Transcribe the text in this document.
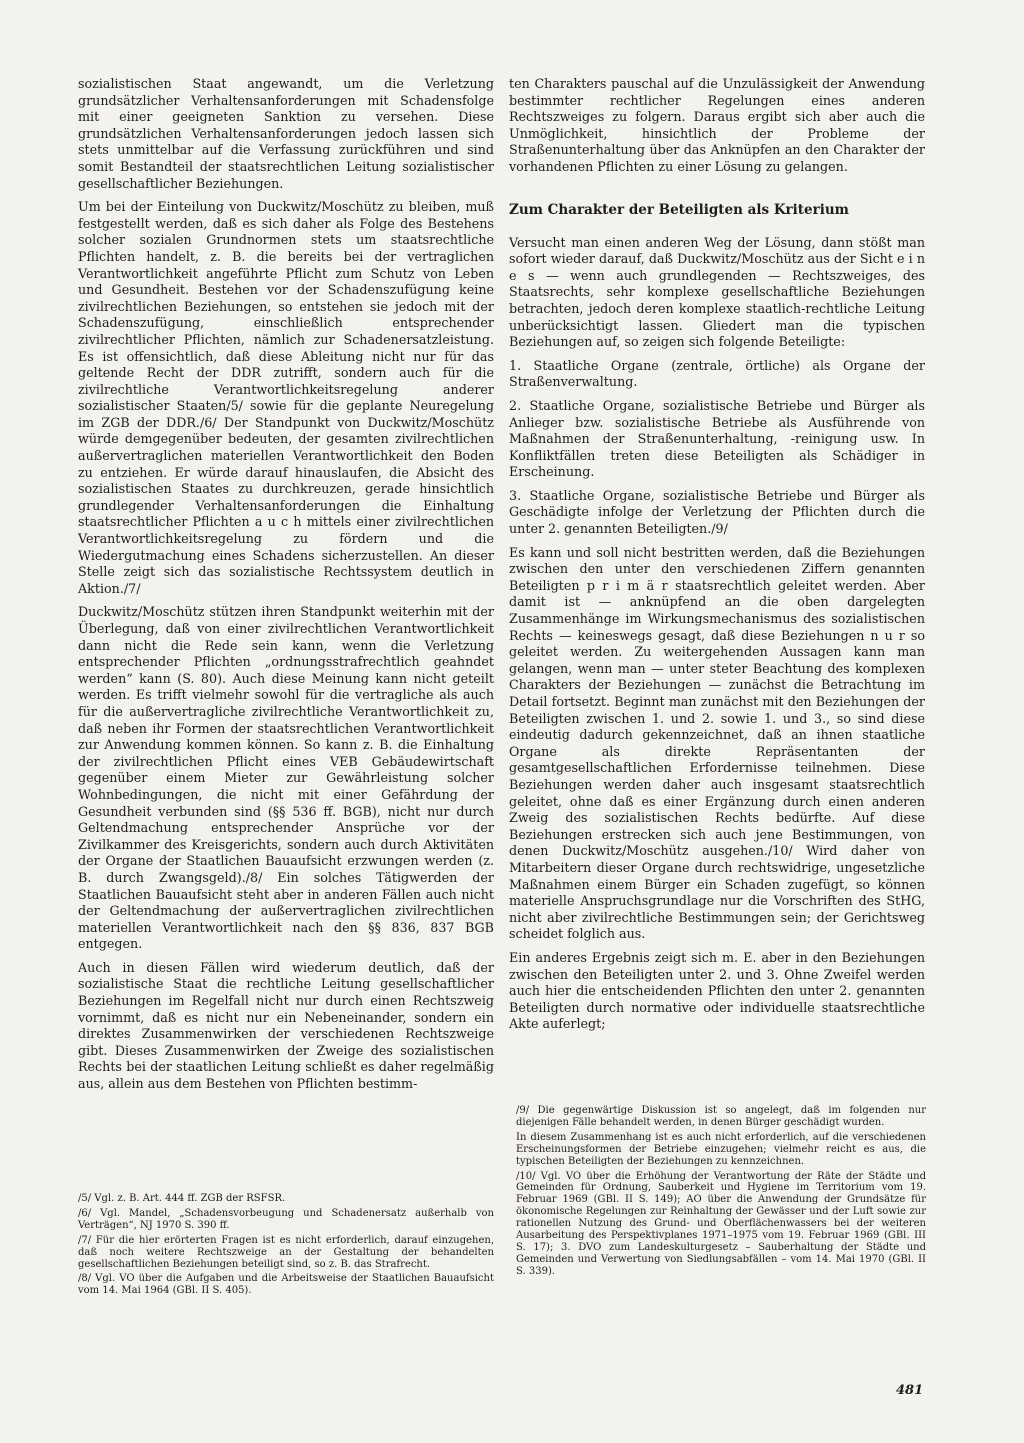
sozialistischen Staat angewandt, um die Verletzung grundsätzlicher Verhaltensanforderungen mit Schadensfolge mit einer geeigneten Sanktion zu versehen. Diese grundsätzlichen Verhaltensanforderungen jedoch lassen sich stets unmittelbar auf die Verfassung zurückführen und sind somit Bestandteil der staatsrechtlichen Leitung sozialistischer gesellschaftlicher Beziehungen.

Um bei der Einteilung von Duckwitz/Moschütz zu bleiben, muß festgestellt werden, daß es sich daher als Folge des Bestehens solcher sozialen Grundnormen stets um staatsrechtliche Pflichten handelt, z. B. die bereits bei der vertraglichen Verantwortlichkeit angeführte Pflicht zum Schutz von Leben und Gesundheit. Bestehen vor der Schadenszufügung keine zivilrechtlichen Beziehungen, so entstehen sie jedoch mit der Schadenszufügung, einschließlich entsprechender zivilrechtlicher Pflichten, nämlich zur Schadenersatzleistung. Es ist offensichtlich, daß diese Ableitung nicht nur für das geltende Recht der DDR zutrifft, sondern auch für die zivilrechtliche Verantwortlichkeitsregelung anderer sozialistischer Staaten/5/ sowie für die geplante Neuregelung im ZGB der DDR./6/ Der Standpunkt von Duckwitz/Moschütz würde demgegenüber bedeuten, der gesamten zivilrechtlichen außervertraglichen materiellen Verantwortlichkeit den Boden zu entziehen. Er würde darauf hinauslaufen, die Absicht des sozialistischen Staates zu durchkreuzen, gerade hinsichtlich grundlegender Verhaltensanforderungen die Einhaltung staatsrechtlicher Pflichten a u c h mittels einer zivilrechtlichen Verantwortlichkeitsregelung zu fördern und die Wiedergutmachung eines Schadens sicherzustellen. An dieser Stelle zeigt sich das sozialistische Rechtssystem deutlich in Aktion./7/

Duckwitz/Moschütz stützen ihren Standpunkt weiterhin mit der Überlegung, daß von einer zivilrechtlichen Verantwortlichkeit dann nicht die Rede sein kann, wenn die Verletzung entsprechender Pflichten „ordnungsstrafrechtlich geahndet werden“ kann (S. 80). Auch diese Meinung kann nicht geteilt werden. Es trifft vielmehr sowohl für die vertragliche als auch für die außervertragliche zivilrechtliche Verantwortlichkeit zu, daß neben ihr Formen der staatsrechtlichen Verantwortlichkeit zur Anwendung kommen können. So kann z. B. die Einhaltung der zivilrechtlichen Pflicht eines VEB Gebäudewirtschaft gegenüber einem Mieter zur Gewährleistung solcher Wohnbedingungen, die nicht mit einer Gefährdung der Gesundheit verbunden sind (§§ 536 ff. BGB), nicht nur durch Geltendmachung entsprechender Ansprüche vor der Zivilkammer des Kreisgerichts, sondern auch durch Aktivitäten der Organe der Staatlichen Bauaufsicht erzwungen werden (z. B. durch Zwangsgeld)./8/ Ein solches Tätigwerden der Staatlichen Bauaufsicht steht aber in anderen Fällen auch nicht der Geltendmachung der außervertraglichen zivilrechtlichen materiellen Verantwortlichkeit nach den §§ 836, 837 BGB entgegen.

Auch in diesen Fällen wird wiederum deutlich, daß der sozialistische Staat die rechtliche Leitung gesellschaftlicher Beziehungen im Regelfall nicht nur durch einen Rechtszweig vornimmt, daß es nicht nur ein Nebeneinander, sondern ein direktes Zusammenwirken der verschiedenen Rechtszweige gibt. Dieses Zusammenwirken der Zweige des sozialistischen Rechts bei der staatlichen Leitung schließt es daher regelmäßig aus, allein aus dem Bestehen von Pflichten bestimm-

ten Charakters pauschal auf die Unzulässigkeit der Anwendung bestimmter rechtlicher Regelungen eines anderen Rechtszweiges zu folgern. Daraus ergibt sich aber auch die Unmöglichkeit, hinsichtlich der Probleme der Straßenunterhaltung über das Anknüpfen an den Charakter der vorhandenen Pflichten zu einer Lösung zu gelangen.

Zum Charakter der Beteiligten als Kriterium

Versucht man einen anderen Weg der Lösung, dann stößt man sofort wieder darauf, daß Duckwitz/Moschütz aus der Sicht e i n e s — wenn auch grundlegenden — Rechtszweiges, des Staatsrechts, sehr komplexe gesellschaftliche Beziehungen betrachten, jedoch deren komplexe staatlich-rechtliche Leitung unberücksichtigt lassen. Gliedert man die typischen Beziehungen auf, so zeigen sich folgende Beteiligte:

1. Staatliche Organe (zentrale, örtliche) als Organe der Straßenverwaltung.

2. Staatliche Organe, sozialistische Betriebe und Bürger als Anlieger bzw. sozialistische Betriebe als Ausführende von Maßnahmen der Straßenunterhaltung, -reinigung usw. In Konfliktfällen treten diese Beteiligten als Schädiger in Erscheinung.

3. Staatliche Organe, sozialistische Betriebe und Bürger als Geschädigte infolge der Verletzung der Pflichten durch die unter 2. genannten Beteiligten./9/

Es kann und soll nicht bestritten werden, daß die Beziehungen zwischen den unter den verschiedenen Ziffern genannten Beteiligten p r i m ä r staatsrechtlich geleitet werden. Aber damit ist — anknüpfend an die oben dargelegten Zusammenhänge im Wirkungsmechanismus des sozialistischen Rechts — keineswegs gesagt, daß diese Beziehungen n u r so geleitet werden. Zu weitergehenden Aussagen kann man gelangen, wenn man — unter steter Beachtung des komplexen Charakters der Beziehungen — zunächst die Betrachtung im Detail fortsetzt. Beginnt man zunächst mit den Beziehungen der Beteiligten zwischen 1. und 2. sowie 1. und 3., so sind diese eindeutig dadurch gekennzeichnet, daß an ihnen staatliche Organe als direkte Repräsentanten der gesamtgesellschaftlichen Erfordernisse teilnehmen. Diese Beziehungen werden daher auch insgesamt staatsrechtlich geleitet, ohne daß es einer Ergänzung durch einen anderen Zweig des sozialistischen Rechts bedürfte. Auf diese Beziehungen erstrecken sich auch jene Bestimmungen, von denen Duckwitz/Moschütz ausgehen./10/ Wird daher von Mitarbeitern dieser Organe durch rechtswidrige, ungesetzliche Maßnahmen einem Bürger ein Schaden zugefügt, so können materielle Anspruchsgrundlage nur die Vorschriften des StHG, nicht aber zivilrechtliche Bestimmungen sein; der Gerichtsweg scheidet folglich aus.

Ein anderes Ergebnis zeigt sich m. E. aber in den Beziehungen zwischen den Beteiligten unter 2. und 3. Ohne Zweifel werden auch hier die entscheidenden Pflichten den unter 2. genannten Beteiligten durch normative oder individuelle staatsrechtliche Akte auferlegt;

/5/ Vgl. z. B. Art. 444 ff. ZGB der RSFSR.

/6/ Vgl. Mandel, „Schadensvorbeugung und Schadenersatz außerhalb von Verträgen“, NJ 1970 S. 390 ff.

/7/ Für die hier erörterten Fragen ist es nicht erforderlich, darauf einzugehen, daß noch weitere Rechtszweige an der Gestaltung der behandelten gesellschaftlichen Beziehungen beteiligt sind, so z. B. das Strafrecht.

/8/ Vgl. VO über die Aufgaben und die Arbeitsweise der Staatlichen Bauaufsicht vom 14. Mai 1964 (GBl. II S. 405).

/9/ Die gegenwärtige Diskussion ist so angelegt, daß im folgenden nur diejenigen Fälle behandelt werden, in denen Bürger geschädigt wurden.

In diesem Zusammenhang ist es auch nicht erforderlich, auf die verschiedenen Erscheinungsformen der Betriebe einzugehen; vielmehr reicht es aus, die typischen Beteiligten der Beziehungen zu kennzeichnen.

/10/ Vgl. VO über die Erhöhung der Verantwortung der Räte der Städte und Gemeinden für Ordnung, Sauberkeit und Hygiene im Territorium vom 19. Februar 1969 (GBl. II S. 149); AO über die Anwendung der Grundsätze für ökonomische Regelungen zur Reinhaltung der Gewässer und der Luft sowie zur rationellen Nutzung des Grund- und Oberflächenwassers bei der weiteren Ausarbeitung des Perspektivplanes 1971–1975 vom 19. Februar 1969 (GBl. III S. 17); 3. DVO zum Landeskulturgesetz – Sauberhaltung der Städte und Gemeinden und Verwertung von Siedlungsabfällen – vom 14. Mai 1970 (GBl. II S. 339).

481
